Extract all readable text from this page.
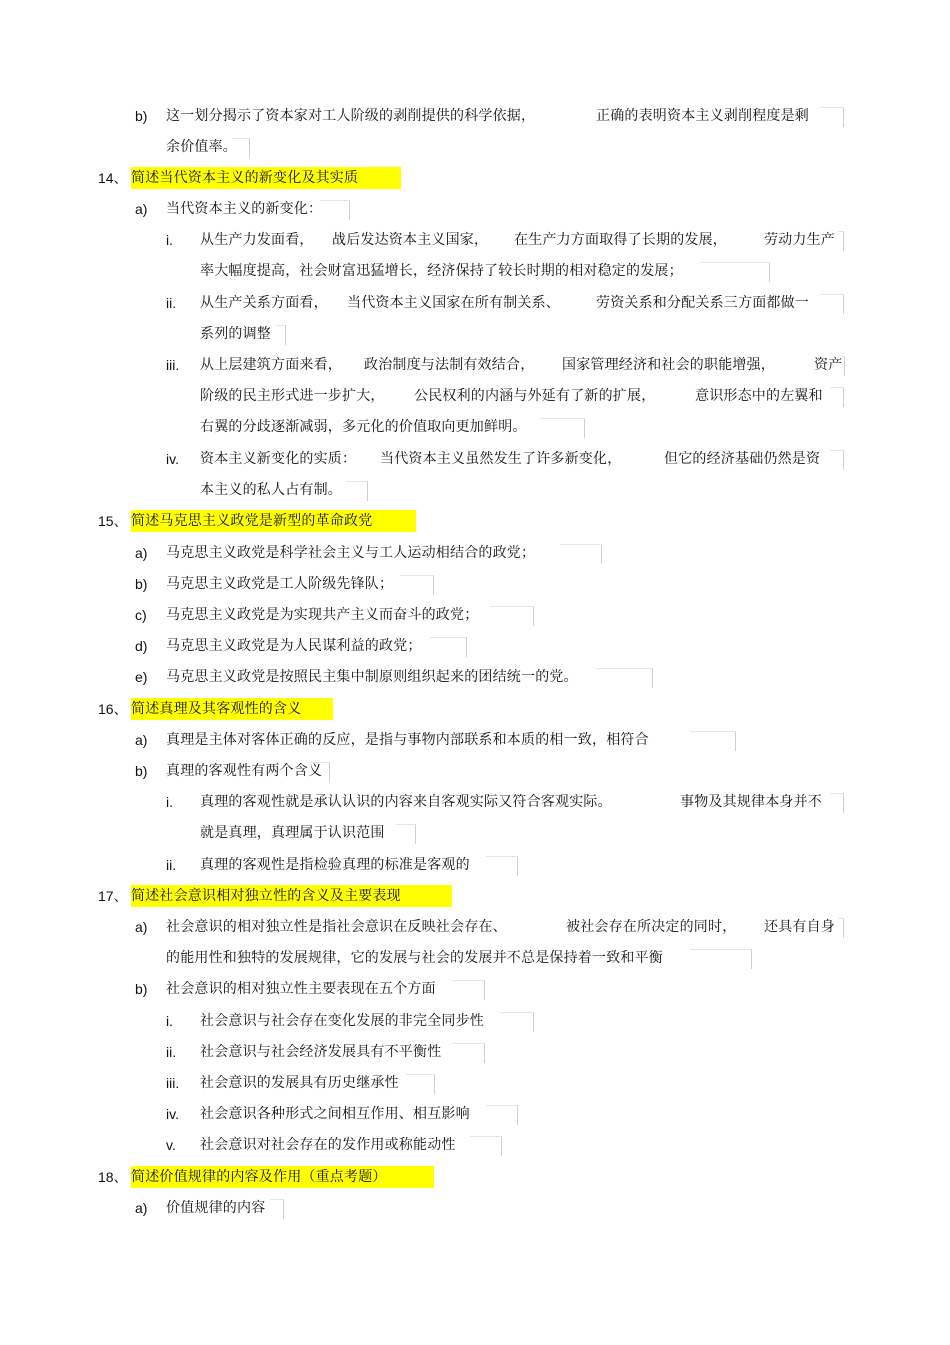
b) 这一划分揭示了资本家对工人阶级的剥削提供的科学依据，	正确的表明资本主义剥削程度是剩
余价值率。
14、 简述当代资本主义的新变化及其实质
a) 当代资本主义的新变化：
i. 从生产力发面看， 战后发达资本主义国家， 在生产力方面取得了长期的发展，	劳动力生产
率大幅度提高，社会财富迅猛增长，经济保持了较长时期的相对稳定的发展；
ii. 从生产关系方面看， 当代资本主义国家在所有制关系、	劳资关系和分配关系三方面都做一
系列的调整
iii. 从上层建筑方面来看， 政治制度与法制有效结合， 国家管理经济和社会的职能增强，	资产
阶级的民主形式进一步扩大， 公民权利的内涵与外延有了新的扩展，	意识形态中的左翼和
右翼的分歧逐渐减弱，多元化的价值取向更加鲜明。
iv. 资本主义新变化的实质： 当代资本主义虽然发生了许多新变化，	但它的经济基础仍然是资
本主义的私人占有制。
15、 简述马克思主义政党是新型的革命政党
a) 马克思主义政党是科学社会主义与工人运动相结合的政党；
b) 马克思主义政党是工人阶级先锋队；
c) 马克思主义政党是为实现共产主义而奋斗的政党；
d) 马克思主义政党是为人民谋利益的政党；
e) 马克思主义政党是按照民主集中制原则组织起来的团结统一的党。
16、 简述真理及其客观性的含义
a) 真理是主体对客体正确的反应，是指与事物内部联系和本质的相一致，相符合
b) 真理的客观性有两个含义
i. 真理的客观性就是承认认识的内容来自客观实际又符合客观实际。	事物及其规律本身并不
就是真理，真理属于认识范围
ii. 真理的客观性是指检验真理的标准是客观的
17、 简述社会意识相对独立性的含义及主要表现
a) 社会意识的相对独立性是指社会意识在反映社会存在、	被社会存在所决定的同时， 还具有自身
的能用性和独特的发展规律，它的发展与社会的发展并不总是保持着一致和平衡
b) 社会意识的相对独立性主要表现在五个方面
i. 社会意识与社会存在变化发展的非完全同步性
ii. 社会意识与社会经济发展具有不平衡性
iii. 社会意识的发展具有历史继承性
iv. 社会意识各种形式之间相互作用、相互影响
v. 社会意识对社会存在的发作用或称能动性
18、 简述价值规律的内容及作用（重点考题）
a) 价值规律的内容
